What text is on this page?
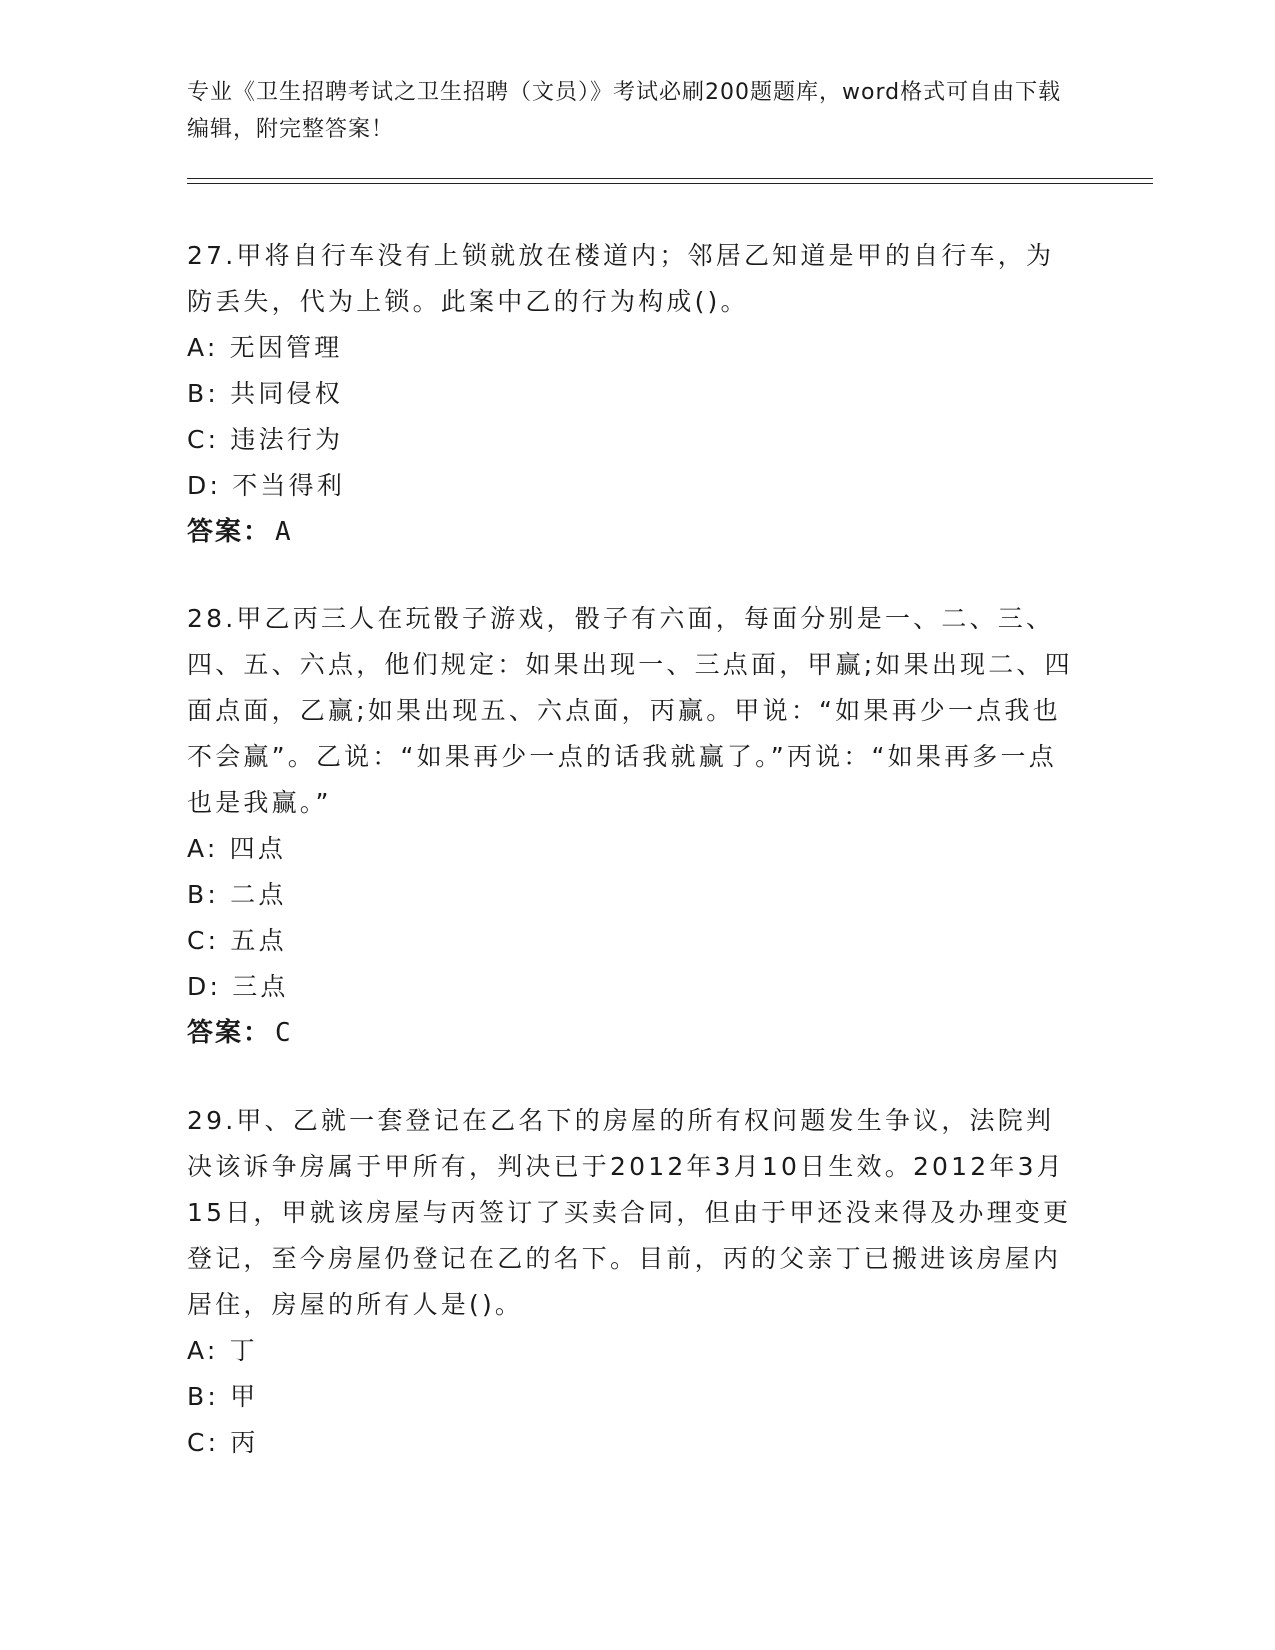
专业《卫生招聘考试之卫生招聘（文员）》考试必刷200题题库，word格式可自由下载编辑，附完整答案！

27.甲将自行车没有上锁就放在楼道内；邻居乙知道是甲的自行车，为防丢失，代为上锁。此案中乙的行为构成()。

A: 无因管理
B: 共同侵权
C: 违法行为
D: 不当得利
答案： A

28.甲乙丙三人在玩骰子游戏，骰子有六面，每面分别是一、二、三、四、五、六点，他们规定：如果出现一、三点面，甲赢;如果出现二、四面点面，乙赢;如果出现五、六点面，丙赢。甲说：“如果再少一点我也不会赢”。乙说：“如果再少一点的话我就赢了。”丙说：“如果再多一点也是我赢。”

A: 四点
B: 二点
C: 五点
D: 三点
答案： C

29.甲、乙就一套登记在乙名下的房屋的所有权问题发生争议，法院判决该诉争房属于甲所有，判决已于2012年3月10日生效。2012年3月15日，甲就该房屋与丙签订了买卖合同，但由于甲还没来得及办理变更登记，至今房屋仍登记在乙的名下。目前，丙的父亲丁已搬进该房屋内居住，房屋的所有人是()。

A: 丁
B: 甲
C: 丙
